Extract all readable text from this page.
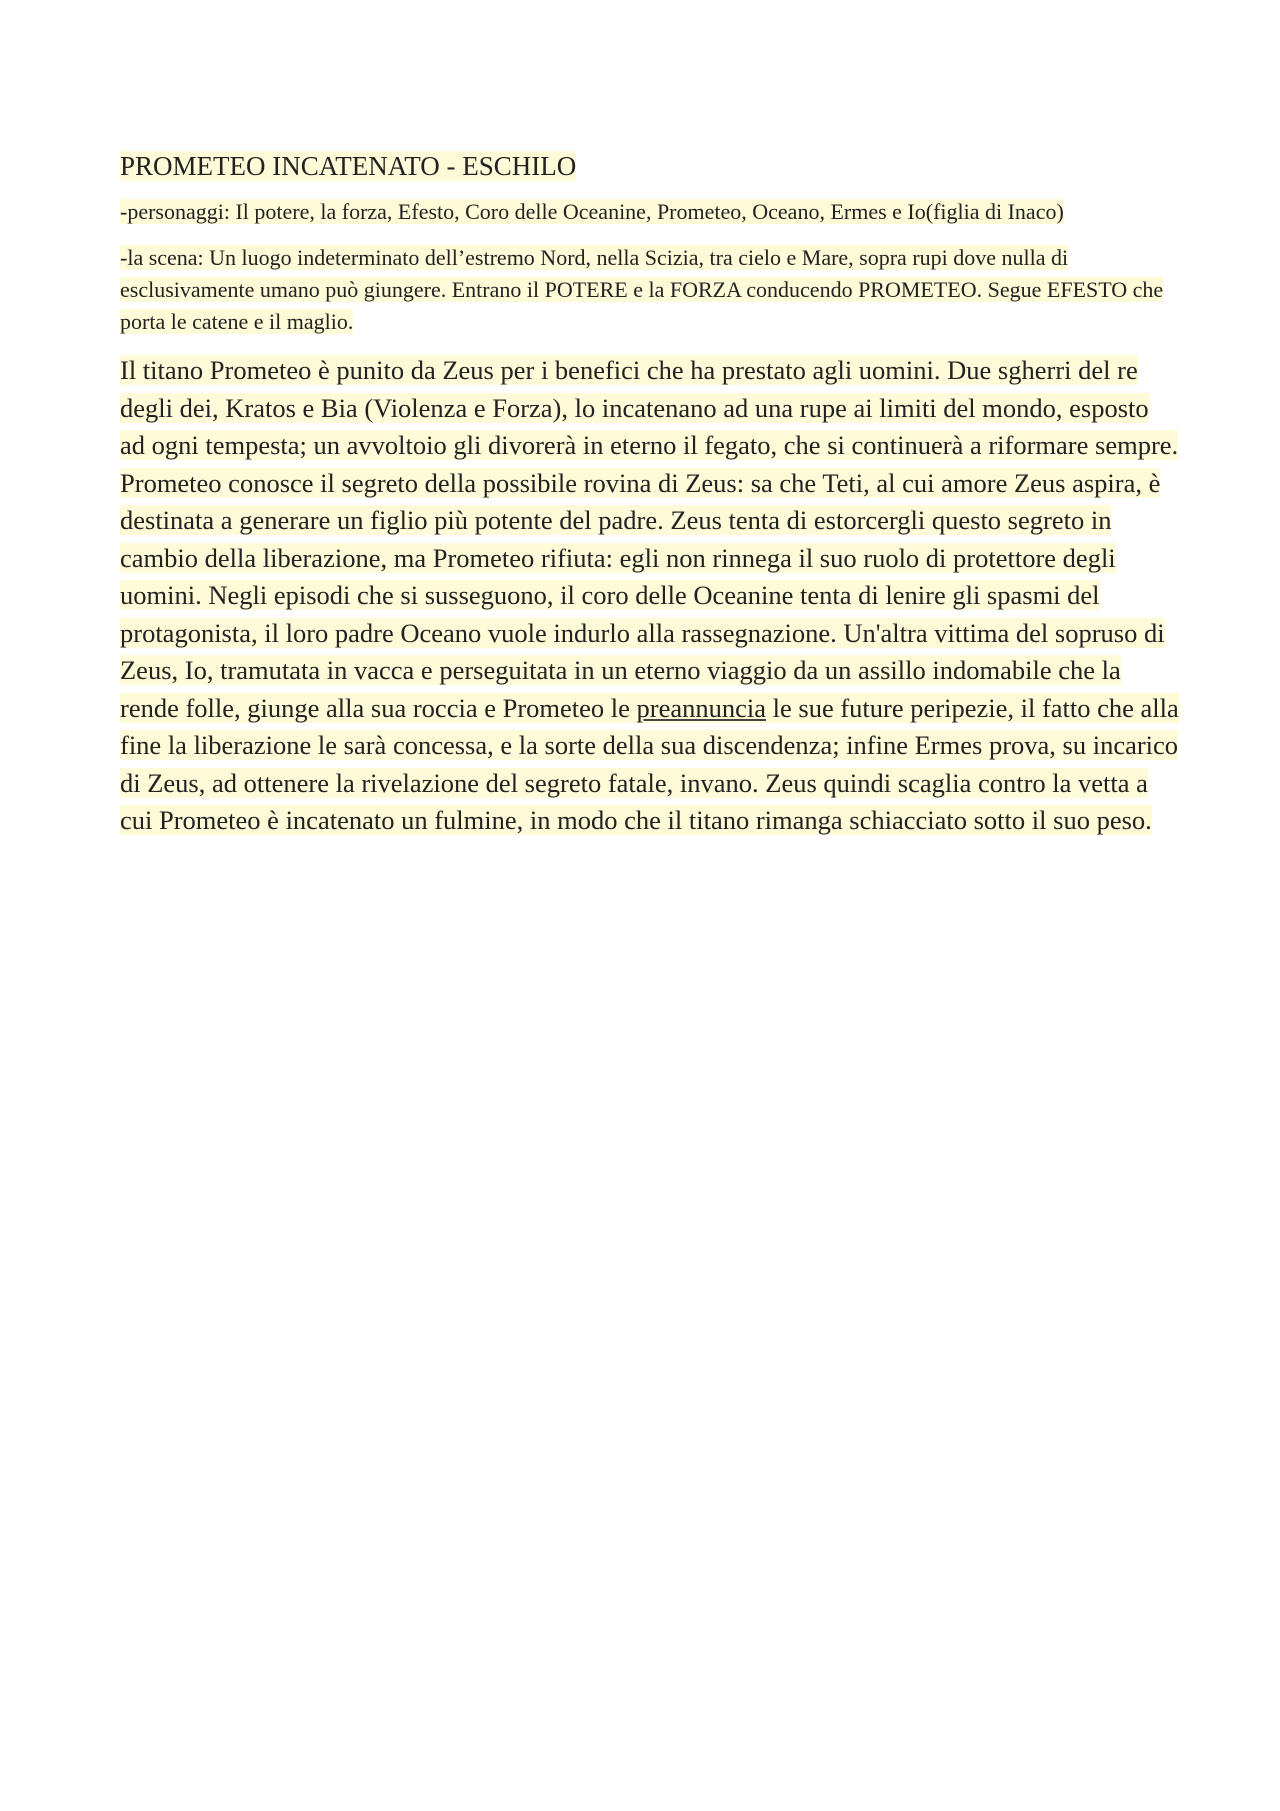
PROMETEO INCATENATO - ESCHILO

-personaggi: Il potere, la forza, Efesto, Coro delle Oceanine, Prometeo, Oceano, Ermes e Io(figlia di Inaco)

-la scena: Un luogo indeterminato dell’estremo Nord, nella Scizia, tra cielo e Mare, sopra rupi dove nulla di esclusivamente umano può giungere. Entrano il POTERE e la FORZA conducendo PROMETEO. Segue EFESTO che porta le catene e il maglio.

Il titano Prometeo è punito da Zeus per i benefici che ha prestato agli uomini. Due sgherri del re degli dei, Kratos e Bia (Violenza e Forza), lo incatenano ad una rupe ai limiti del mondo, esposto ad ogni tempesta; un avvoltoio gli divorerà in eterno il fegato, che si continuerà a riformare sempre. Prometeo conosce il segreto della possibile rovina di Zeus: sa che Teti, al cui amore Zeus aspira, è destinata a generare un figlio più potente del padre. Zeus tenta di estorcergli questo segreto in cambio della liberazione, ma Prometeo rifiuta: egli non rinnega il suo ruolo di protettore degli uomini. Negli episodi che si susseguono, il coro delle Oceanine tenta di lenire gli spasmi del protagonista, il loro padre Oceano vuole indurlo alla rassegnazione. Un'altra vittima del sopruso di Zeus, Io, tramutata in vacca e perseguitata in un eterno viaggio da un assillo indomabile che la rende folle, giunge alla sua roccia e Prometeo le preannuncia le sue future peripezie, il fatto che alla fine la liberazione le sarà concessa, e la sorte della sua discendenza; infine Ermes prova, su incarico di Zeus, ad ottenere la rivelazione del segreto fatale, invano. Zeus quindi scaglia contro la vetta a cui Prometeo è incatenato un fulmine, in modo che il titano rimanga schiacciato sotto il suo peso.
